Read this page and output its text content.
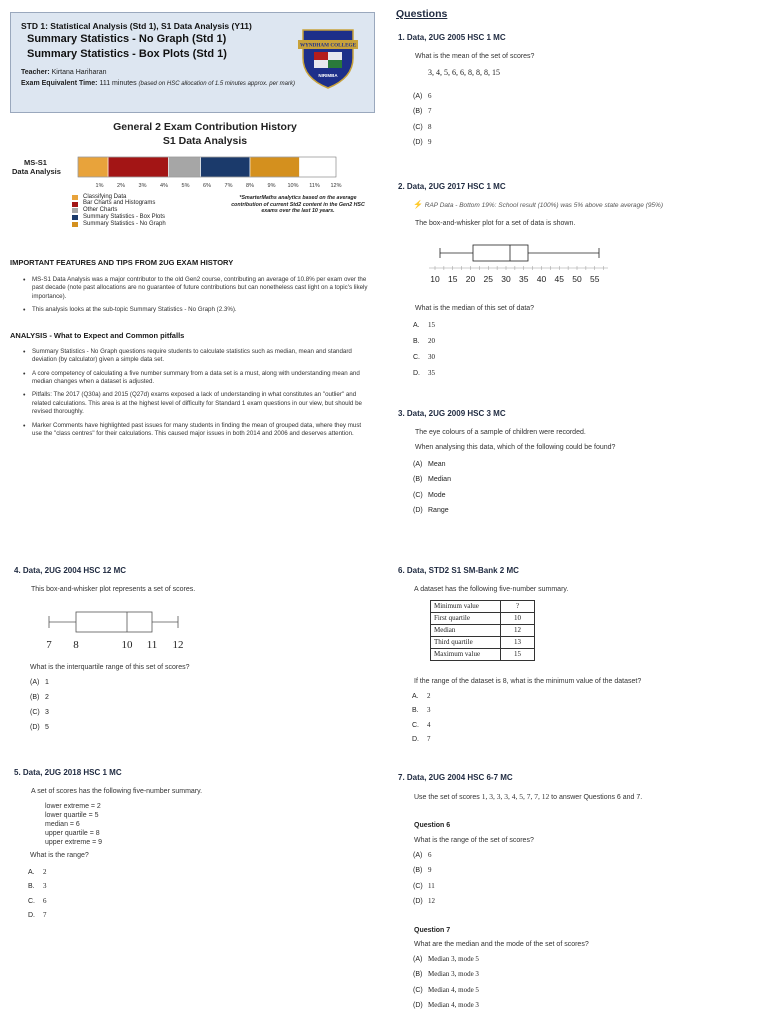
STD 1: Statistical Analysis (Std 1), S1 Data Analysis (Y11)
Summary Statistics - No Graph (Std 1)
Summary Statistics - Box Plots (Std 1)
Teacher: Kirtana Hariharan
Exam Equivalent Time: 111 minutes (based on HSC allocation of 1.5 minutes approx. per mark)
WYNDHAM COLLEGE
NIRIMBA
General 2 Exam Contribution History
S1 Data Analysis
MS-S1
Data Analysis
1% 2% 3% 4% 5% 6% 7% 8% 9% 10% 11% 12%
Classifying Data
Bar Charts and Histograms
Other Charts
Summary Statistics - Box Plots
Summary Statistics - No Graph
*SmarterMaths analytics based on the average contribution of current Std2 content in the Gen2 HSC exams over the last 10 years.
IMPORTANT FEATURES AND TIPS FROM 2UG EXAM HISTORY
• MS-S1 Data Analysis was a major contributor to the old Gen2 course, contributing an average of 10.8% per exam over the past decade (note past allocations are no guarantee of future contributions but can nonetheless cast light on a topic's likely importance).
• This analysis looks at the sub-topic Summary Statistics - No Graph (2.3%).
ANALYSIS - What to Expect and Common pitfalls
• Summary Statistics - No Graph questions require students to calculate statistics such as median, mean and standard deviation (by calculator) given a simple data set.
• A core competency of calculating a five number summary from a data set is a must, along with understanding mean and median changes when a dataset is adjusted.
• Pitfalls: The 2017 (Q30a) and 2015 (Q27d) exams exposed a lack of understanding in what constitutes an "outlier" and related calculations. This area is at the highest level of difficulty for Standard 1 exam questions in our view, but should be revised thoroughly.
• Marker Comments have highlighted past issues for many students in finding the mean of grouped data, where they must use the "class centres" for their calculations. This caused major issues in both 2014 and 2006 and deserves attention.
Questions
1. Data, 2UG 2005 HSC 1 MC
What is the mean of the set of scores?
3, 4, 5, 6, 6, 8, 8, 8, 15
(A) 6
(B) 7
(C) 8
(D) 9
2. Data, 2UG 2017 HSC 1 MC
⚡ RAP Data - Bottom 19%: School result (100%) was 5% above state average (95%)
The box-and-whisker plot for a set of data is shown.
10 15 20 25 30 35 40 45 50 55
What is the median of this set of data?
A. 15
B. 20
C. 30
D. 35
3. Data, 2UG 2009 HSC 3 MC
The eye colours of a sample of children were recorded.
When analysing this data, which of the following could be found?
(A) Mean
(B) Median
(C) Mode
(D) Range
4. Data, 2UG 2004 HSC 12 MC
This box-and-whisker plot represents a set of scores.
7 8	10 11 12
What is the interquartile range of this set of scores?
(A) 1
(B) 2
(C) 3
(D) 5
5. Data, 2UG 2018 HSC 1 MC
A set of scores has the following five-number summary.
lower extreme = 2
lower quartile = 5
median = 6
upper quartile = 8
upper extreme = 9
What is the range?
A. 2
B. 3
C. 6
D. 7
6. Data, STD2 S1 SM-Bank 2 MC
A dataset has the following five-number summary.
Minimum value	?
First quartile	10
Median	12
Third quartile	13
Maximum value	15
If the range of the dataset is 8, what is the minimum value of the dataset?
A. 2
B. 3
C. 4
D. 7
7. Data, 2UG 2004 HSC 6-7 MC
Use the set of scores 1, 3, 3, 3, 4, 5, 7, 7, 12 to answer Questions 6 and 7.
Question 6
What is the range of the set of scores?
(A) 6
(B) 9
(C) 11
(D) 12
Question 7
What are the median and the mode of the set of scores?
(A) Median 3, mode 5
(B) Median 3, mode 3
(C) Median 4, mode 5
(D) Median 4, mode 3
